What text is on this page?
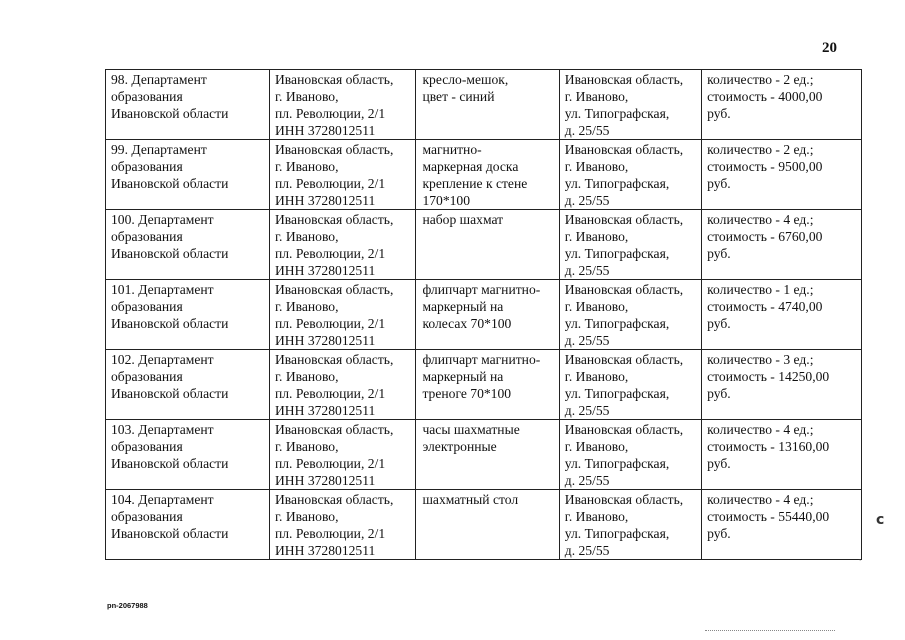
20
98. Департамент
образования
Ивановской области	Ивановская область,
г. Иваново,
пл. Революции, 2/1
ИНН 3728012511	кресло-мешок,
цвет - синий	Ивановская область,
г. Иваново,
ул. Типографская,
д. 25/55	количество - 2 ед.;
стоимость - 4000,00
руб.

99. Департамент
образования
Ивановской области	Ивановская область,
г. Иваново,
пл. Революции, 2/1
ИНН 3728012511	магнитно-
маркерная доска
крепление к стене
170*100	Ивановская область,
г. Иваново,
ул. Типографская,
д. 25/55	количество - 2 ед.;
стоимость - 9500,00
руб.

100. Департамент
образования
Ивановской области	Ивановская область,
г. Иваново,
пл. Революции, 2/1
ИНН 3728012511	набор шахмат	Ивановская область,
г. Иваново,
ул. Типографская,
д. 25/55	количество - 4 ед.;
стоимость - 6760,00
руб.

101. Департамент
образования
Ивановской области	Ивановская область,
г. Иваново,
пл. Революции, 2/1
ИНН 3728012511	флипчарт магнитно-
маркерный на
колесах 70*100	Ивановская область,
г. Иваново,
ул. Типографская,
д. 25/55	количество - 1 ед.;
стоимость - 4740,00
руб.

102. Департамент
образования
Ивановской области	Ивановская область,
г. Иваново,
пл. Революции, 2/1
ИНН 3728012511	флипчарт магнитно-
маркерный на
треноге 70*100	Ивановская область,
г. Иваново,
ул. Типографская,
д. 25/55	количество - 3 ед.;
стоимость - 14250,00
руб.

103. Департамент
образования
Ивановской области	Ивановская область,
г. Иваново,
пл. Революции, 2/1
ИНН 3728012511	часы шахматные
электронные	Ивановская область,
г. Иваново,
ул. Типографская,
д. 25/55	количество - 4 ед.;
стоимость - 13160,00
руб.

104. Департамент
образования
Ивановской области	Ивановская область,
г. Иваново,
пл. Революции, 2/1
ИНН 3728012511	шахматный стол	Ивановская область,
г. Иваново,
ул. Типографская,
д. 25/55	количество - 4 ед.;
стоимость - 55440,00
руб.
pn-2067988
c
˺
